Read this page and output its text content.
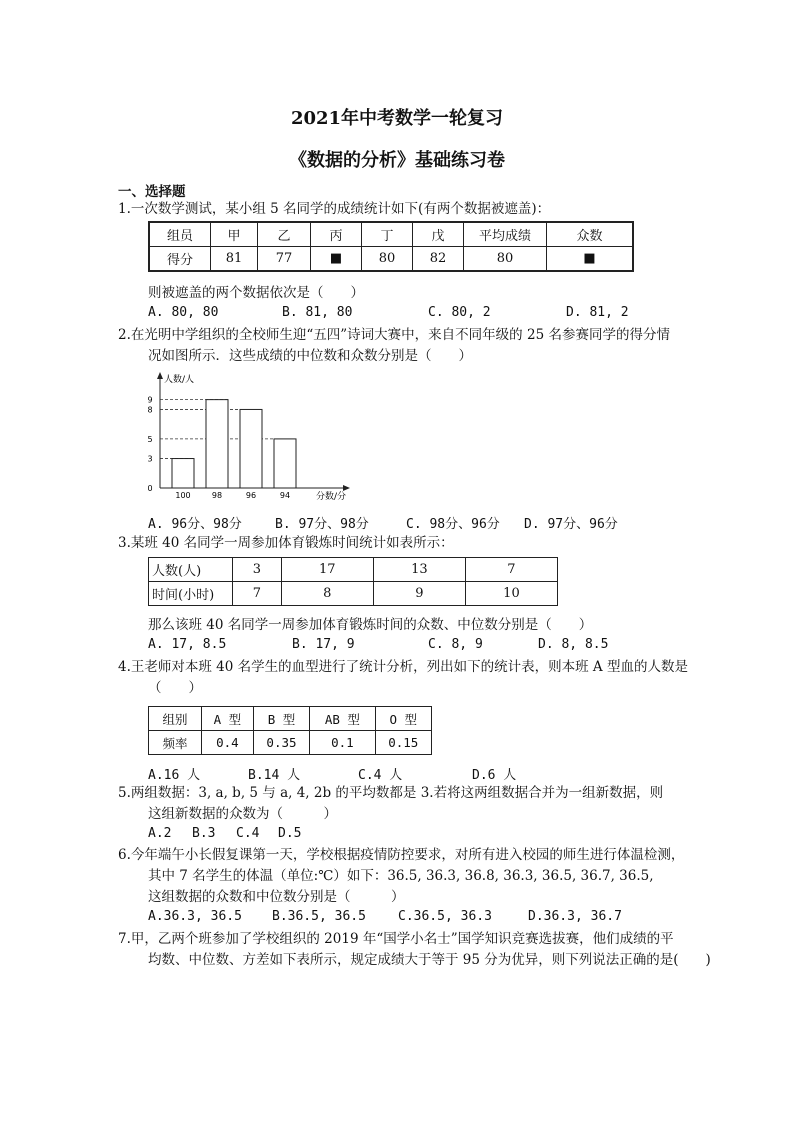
2021年中考数学一轮复习
《数据的分析》基础练习卷
一、选择题
1.一次数学测试，某小组 5 名同学的成绩统计如下(有两个数据被遮盖)：
组员	甲	乙	丙	丁	戊	平均成绩	众数
得分	81	77	■	80	82	80	■
则被遮盖的两个数据依次是（　　）
A. 80, 80	B. 81, 80	C. 80, 2	D. 81, 2
2.在光明中学组织的全校师生迎“五四”诗词大赛中，来自不同年级的 25 名参赛同学的得分情
况如图所示．这些成绩的中位数和众数分别是（　　）
人数/人
分数/分
0
3
5
8
9
100	98	96	94
A. 96分、98分	B. 97分、98分	C. 98分、96分 D. 97分、96分
3.某班 40 名同学一周参加体育锻炼时间统计如表所示：
人数(人)	3	17	13	7
时间(小时)	7	8	9	10
那么该班 40 名同学一周参加体育锻炼时间的众数、中位数分别是（　　）
A. 17, 8.5	B. 17, 9	C. 8, 9	D. 8, 8.5
4.王老师对本班 40 名学生的血型进行了统计分析，列出如下的统计表，则本班 A 型血的人数是
（　　）
组别	A 型	B 型	AB 型	O 型
频率	0.4	0.35	0.1	0.15
A.16 人	B.14 人	C.4 人	D.6 人
5.两组数据：3, a, b, 5 与 a, 4, 2b 的平均数都是 3.若将这两组数据合并为一组新数据，则
这组新数据的众数为（　　　）
A.2 B.3 C.4 D.5
6.今年端午小长假复课第一天，学校根据疫情防控要求，对所有进入校园的师生进行体温检测，
其中 7 名学生的体温（单位:℃）如下：36.5, 36.3, 36.8, 36.3, 36.5, 36.7, 36.5,
这组数据的众数和中位数分别是（　　　）
A.36.3, 36.5 B.36.5, 36.5 C.36.5, 36.3	D.36.3, 36.7
7.甲，乙两个班参加了学校组织的 2019 年“国学小名士”国学知识竞赛选拔赛，他们成绩的平
均数、中位数、方差如下表所示，规定成绩大于等于 95 分为优异，则下列说法正确的是(　　)
